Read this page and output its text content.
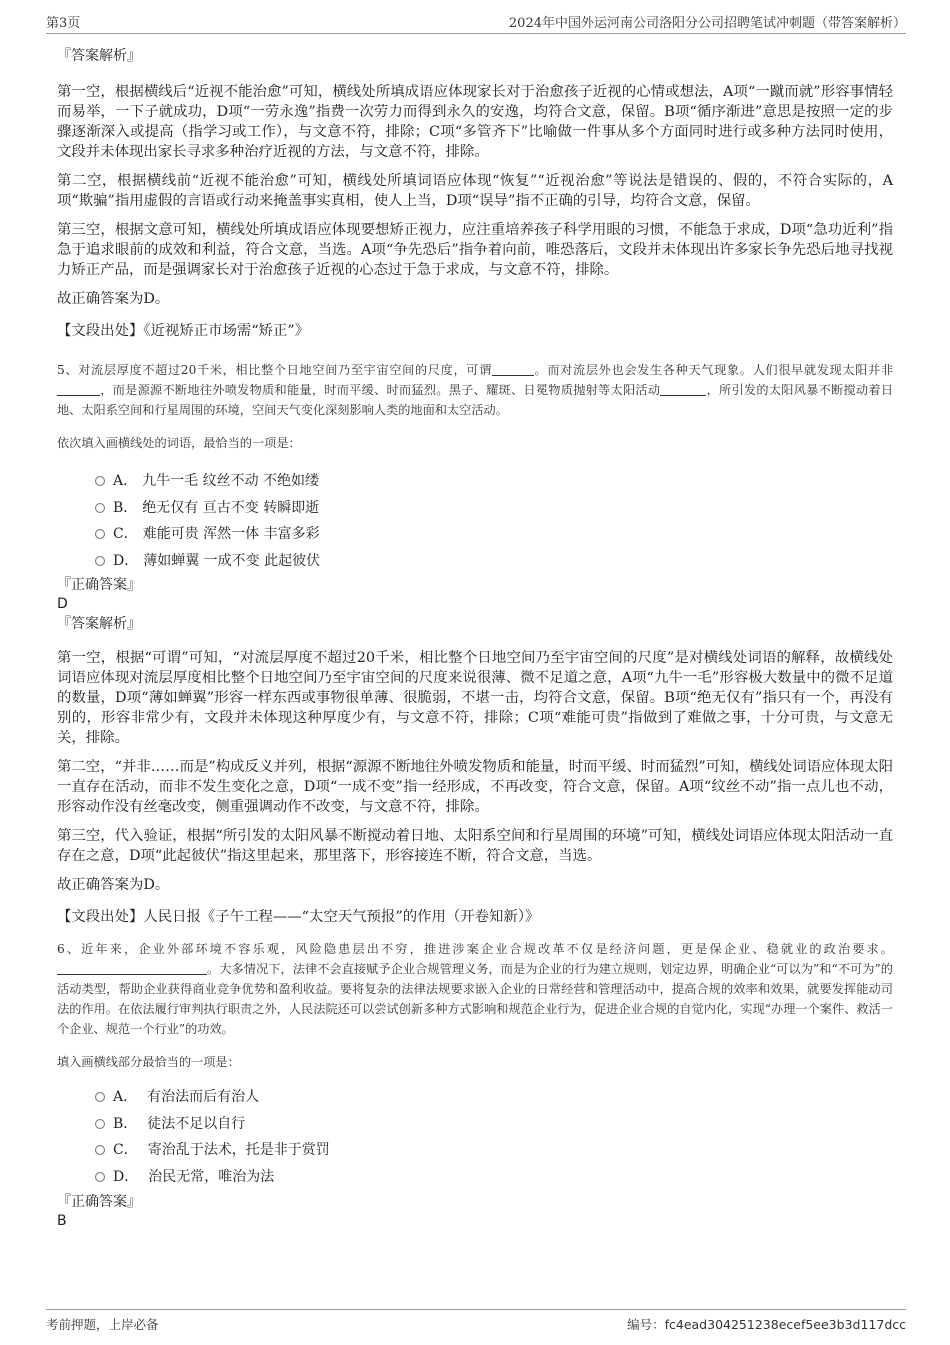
第3页	2024年中国外运河南公司洛阳分公司招聘笔试冲刺题（带答案解析）
『答案解析』
第一空，根据横线后“近视不能治愈”可知，横线处所填成语应体现家长对于治愈孩子近视的心情或想法，A项“一蹴而就”形容事情轻而易举，一下子就成功，D项“一劳永逸”指费一次劳力而得到永久的安逸，均符合文意，保留。B项“循序渐进”意思是按照一定的步骤逐渐深入或提高（指学习或工作），与文意不符，排除；C项“多管齐下”比喻做一件事从多个方面同时进行或多种方法同时使用，文段并未体现出家长寻求多种治疗近视的方法，与文意不符，排除。
第二空，根据横线前“近视不能治愈”可知，横线处所填词语应体现“恢复”“近视治愈”等说法是错误的、假的，不符合实际的，A项“欺骗”指用虚假的言语或行动来掩盖事实真相，使人上当，D项“误导”指不正确的引导，均符合文意，保留。
第三空，根据文意可知，横线处所填成语应体现要想矫正视力，应注重培养孩子科学用眼的习惯，不能急于求成，D项“急功近利”指急于追求眼前的成效和利益，符合文意，当选。A项“争先恐后”指争着向前，唯恐落后，文段并未体现出许多家长争先恐后地寻找视力矫正产品，而是强调家长对于治愈孩子近视的心态过于急于求成，与文意不符，排除。
故正确答案为D。
【文段出处】《近视矫正市场需“矫正”》
5、对流层厚度不超过20千米，相比整个日地空间乃至宇宙空间的尺度，可谓	。而对流层外也会发生各种天气现象。人们很早就发现太阳并非，而是源源不断地往外喷发物质和能量，时而平缓、时而猛烈。黑子、耀斑、日冕物质抛射等太阳活动	，所引发的太阳风暴不断搅动着日地、太阳系空间和行星周围的环境，空间天气变化深刻影响人类的地面和太空活动。
依次填入画横线处的词语，最恰当的一项是：
A． 九牛一毛 纹丝不动 不绝如缕
B． 绝无仅有 亘古不变 转瞬即逝
C． 难能可贵 浑然一体 丰富多彩
D． 薄如蝉翼 一成不变 此起彼伏
『正确答案』
D
『答案解析』
第一空，根据“可谓”可知，“对流层厚度不超过20千米，相比整个日地空间乃至宇宙空间的尺度”是对横线处词语的解释，故横线处词语应体现对流层厚度相比整个日地空间乃至宇宙空间的尺度来说很薄、微不足道之意，A项“九牛一毛”形容极大数量中的微不足道的数量，D项“薄如蝉翼”形容一样东西或事物很单薄、很脆弱，不堪一击，均符合文意，保留。B项“绝无仅有”指只有一个，再没有别的，形容非常少有，文段并未体现这种厚度少有，与文意不符，排除；C项“难能可贵”指做到了难做之事，十分可贵，与文意无关，排除。
第二空，“并非……而是”构成反义并列，根据“源源不断地往外喷发物质和能量，时而平缓、时而猛烈”可知，横线处词语应体现太阳一直存在活动，而非不发生变化之意，D项“一成不变”指一经形成，不再改变，符合文意，保留。A项“纹丝不动”指一点儿也不动，形容动作没有丝毫改变，侧重强调动作不改变，与文意不符，排除。
第三空，代入验证，根据“所引发的太阳风暴不断搅动着日地、太阳系空间和行星周围的环境”可知，横线处词语应体现太阳活动一直存在之意，D项“此起彼伏”指这里起来，那里落下，形容接连不断，符合文意，当选。
故正确答案为D。
【文段出处】人民日报《子午工程——“太空天气预报”的作用（开卷知新）》
6、近年来，企业外部环境不容乐观，风险隐患层出不穷，推进涉案企业合规改革不仅是经济问题，更是保企业、稳就业的政治要求。。大多情况下，法律不会直接赋予企业合规管理义务，而是为企业的行为建立规则，划定边界，明确企业“可以为”和“不可为”的活动类型，帮助企业获得商业竞争优势和盈利收益。要将复杂的法律法规要求嵌入企业的日常经营和管理活动中，提高合规的效率和效果，就要发挥能动司法的作用。在依法履行审判执行职责之外，人民法院还可以尝试创新多种方式影响和规范企业行为，促进企业合规的自觉内化，实现“办理一个案件、救活一个企业、规范一个行业”的功效。
填入画横线部分最恰当的一项是：
A． 有治法而后有治人
B． 徒法不足以自行
C． 寄治乱于法术，托是非于赏罚
D． 治民无常，唯治为法
『正确答案』
B
考前押题，上岸必备	编号：fc4ead304251238ecef5ee3b3d117dcc
